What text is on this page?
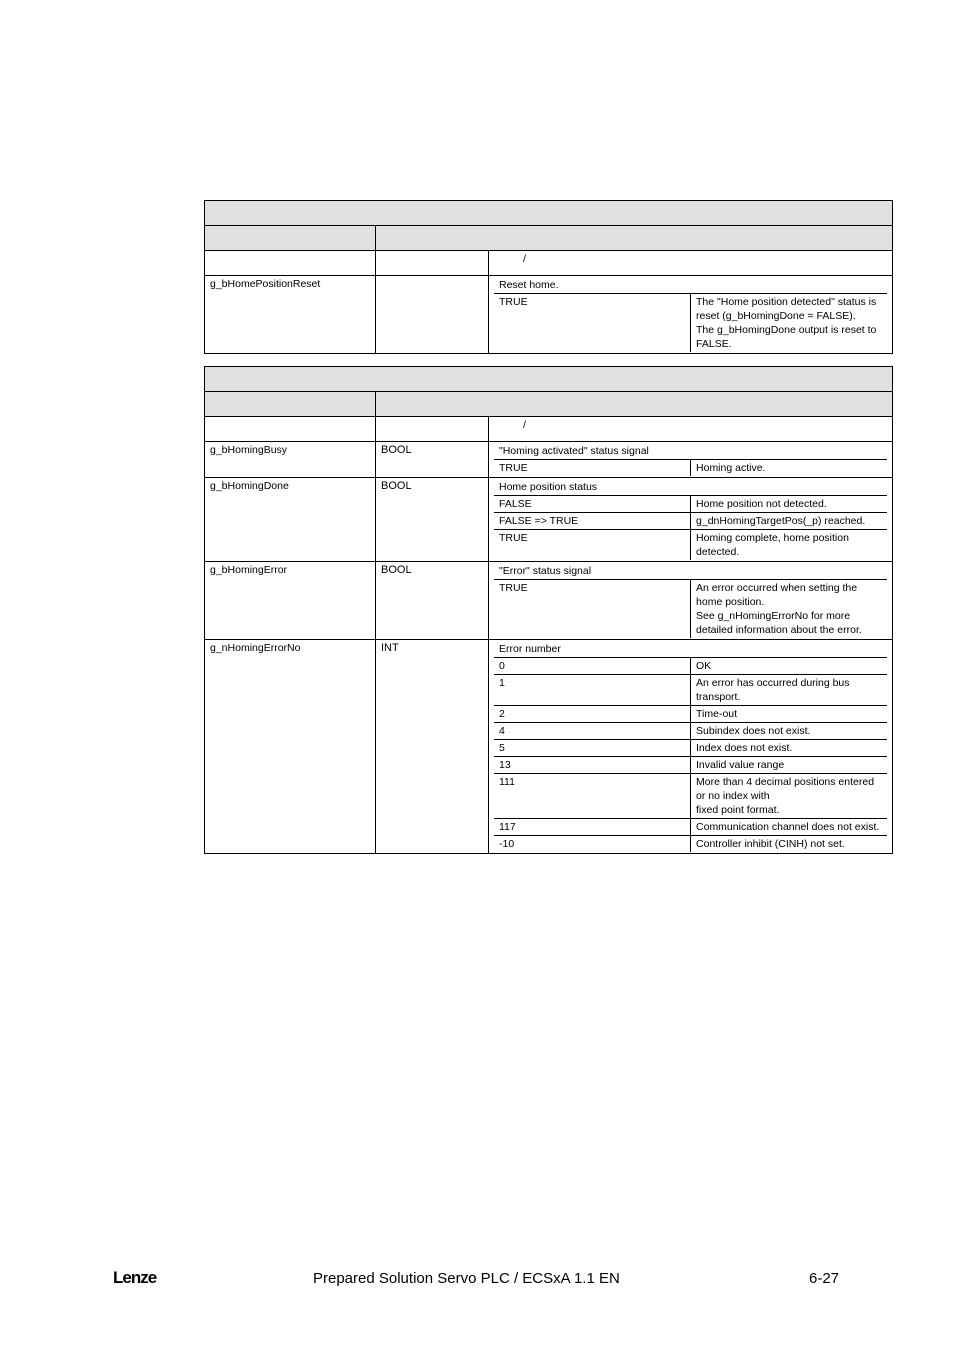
		/
g_bHomePositionReset			Reset home.
TRUE	The "Home position detected" status is reset (g_bHomingDone = FALSE).
The g_bHomingDone output is reset to FALSE.

		/
g_bHomingBusy	BOOL		"Homing activated" status signal
TRUE	Homing active.

g_bHomingDone	BOOL		Home position status
FALSE	Home position not detected.
FALSE => TRUE	g_dnHomingTargetPos(_p) reached.
TRUE	Homing complete, home position detected.

g_bHomingError	BOOL		"Error" status signal
TRUE	An error occurred when setting the home position.
See g_nHomingErrorNo for more detailed information about the error.

g_nHomingErrorNo	INT		Error number
0	OK
1	An error has occurred during bus transport.
2	Time-out
4	Subindex does not exist.
5	Index does not exist.
13	Invalid value range
111	More than 4 decimal positions entered or no index with
fixed point format.
117	Communication channel does not exist.
-10	Controller inhibit (CINH) not set.
Lenze	Prepared Solution Servo PLC / ECSxA 1.1 EN	6-27
